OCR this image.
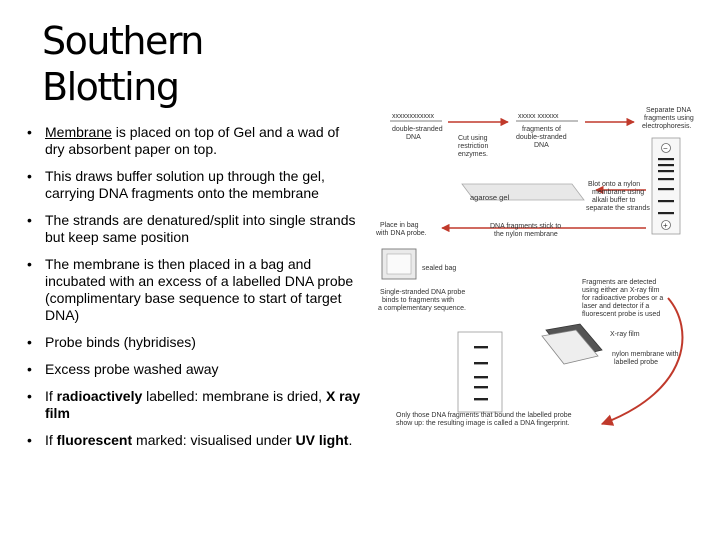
Southern
Blotting
• Membrane is placed on top of Gel and a wad of dry absorbent paper on top.
• This draws buffer solution up through the gel, carrying DNA fragments onto the membrane
• The strands are denatured/split into single strands but keep same position
• The membrane is then placed in a bag and incubated with an excess of a labelled DNA probe (complimentary base sequence to start of target DNA)
• Probe binds (hybridises)
• Excess probe washed away
• If radioactively labelled: membrane is dried, X ray film
• If fluorescent marked: visualised under UV light.
xxxxxxxxxxxx
double-stranded
DNA	Cut using
restriction
enzymes.
xxxxx xxxxxx
fragments of
double-stranded
DNA
Separate DNA
fragments using
electrophoresis.
−
+
agarose gel
Blot onto a nylon
membrane using
alkali buffer to
separate the strands
Place in bag
with DNA probe.
DNA fragments stick to
the nylon membrane
sealed bag
Single-stranded DNA probe
binds to fragments with
a complementary sequence.
Fragments are detected
using either an X-ray film
for radioactive probes or a
laser and detector if a
fluorescent probe is used
X-ray film
nylon membrane with
labelled probe
Only those DNA fragments that bound the labelled probe
show up: the resulting image is called a DNA fingerprint.
